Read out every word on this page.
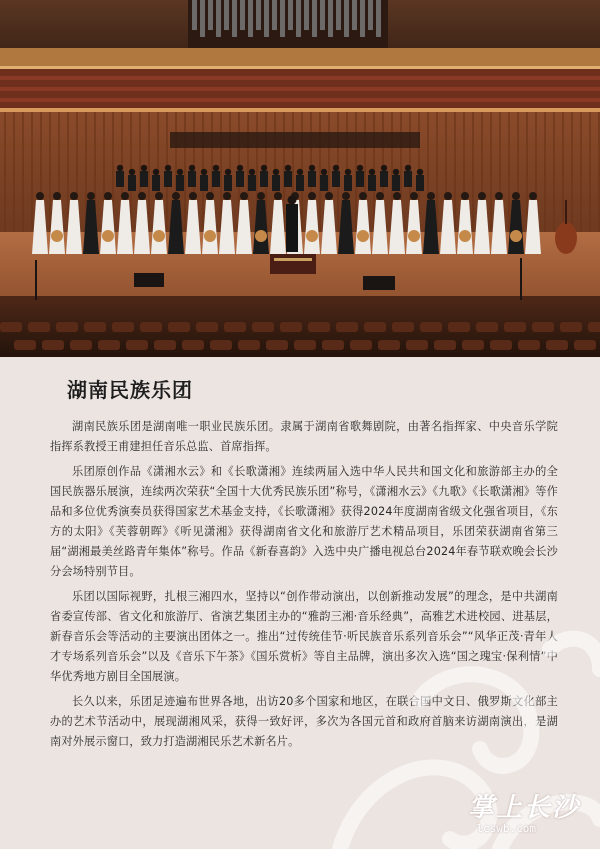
湖南民族乐团

湖南民族乐团是湖南唯一职业民族乐团。隶属于湖南省歌舞剧院，由著名指挥家、中央音乐学院指挥系教授王甫建担任音乐总监、首席指挥。

乐团原创作品《潇湘水云》和《长歌潇湘》连续两届入选中华人民共和国文化和旅游部主办的全国民族器乐展演，连续两次荣获“全国十大优秀民族乐团”称号，《潇湘水云》《九歌》《长歌潇湘》等作品和多位优秀演奏员获得国家艺术基金支持，《长歌潇湘》获得2024年度湖南省级文化强省项目，《东方的太阳》《芙蓉朝晖》《听见潇湘》获得湖南省文化和旅游厅艺术精品项目，乐团荣获湖南省第三届“湖湘最美丝路青年集体”称号。作品《新春喜韵》入选中央广播电视总台2024年春节联欢晚会长沙分会场特别节目。

乐团以国际视野，扎根三湘四水，坚持以“创作带动演出，以创新推动发展”的理念，是中共湖南省委宣传部、省文化和旅游厅、省演艺集团主办的“雅韵三湘·音乐经典”，高雅艺术进校园、进基层，新春音乐会等活动的主要演出团体之一。推出“过传统佳节·听民族音乐系列音乐会”“风华正茂·青年人才专场系列音乐会”以及《音乐下午茶》《国乐赏析》等自主品牌，演出多次入选“国之瑰宝·保利情”中华优秀地方剧目全国展演。

长久以来，乐团足迹遍布世界各地，出访20多个国家和地区，在联合国中文日、俄罗斯文化部主办的艺术节活动中，展现湖湘风采，获得一致好评，多次为各国元首和政府首脑来访湖南演出，是湖南对外展示窗口，致力打造湖湘民乐艺术新名片。

掌上长沙
lcswb.com
